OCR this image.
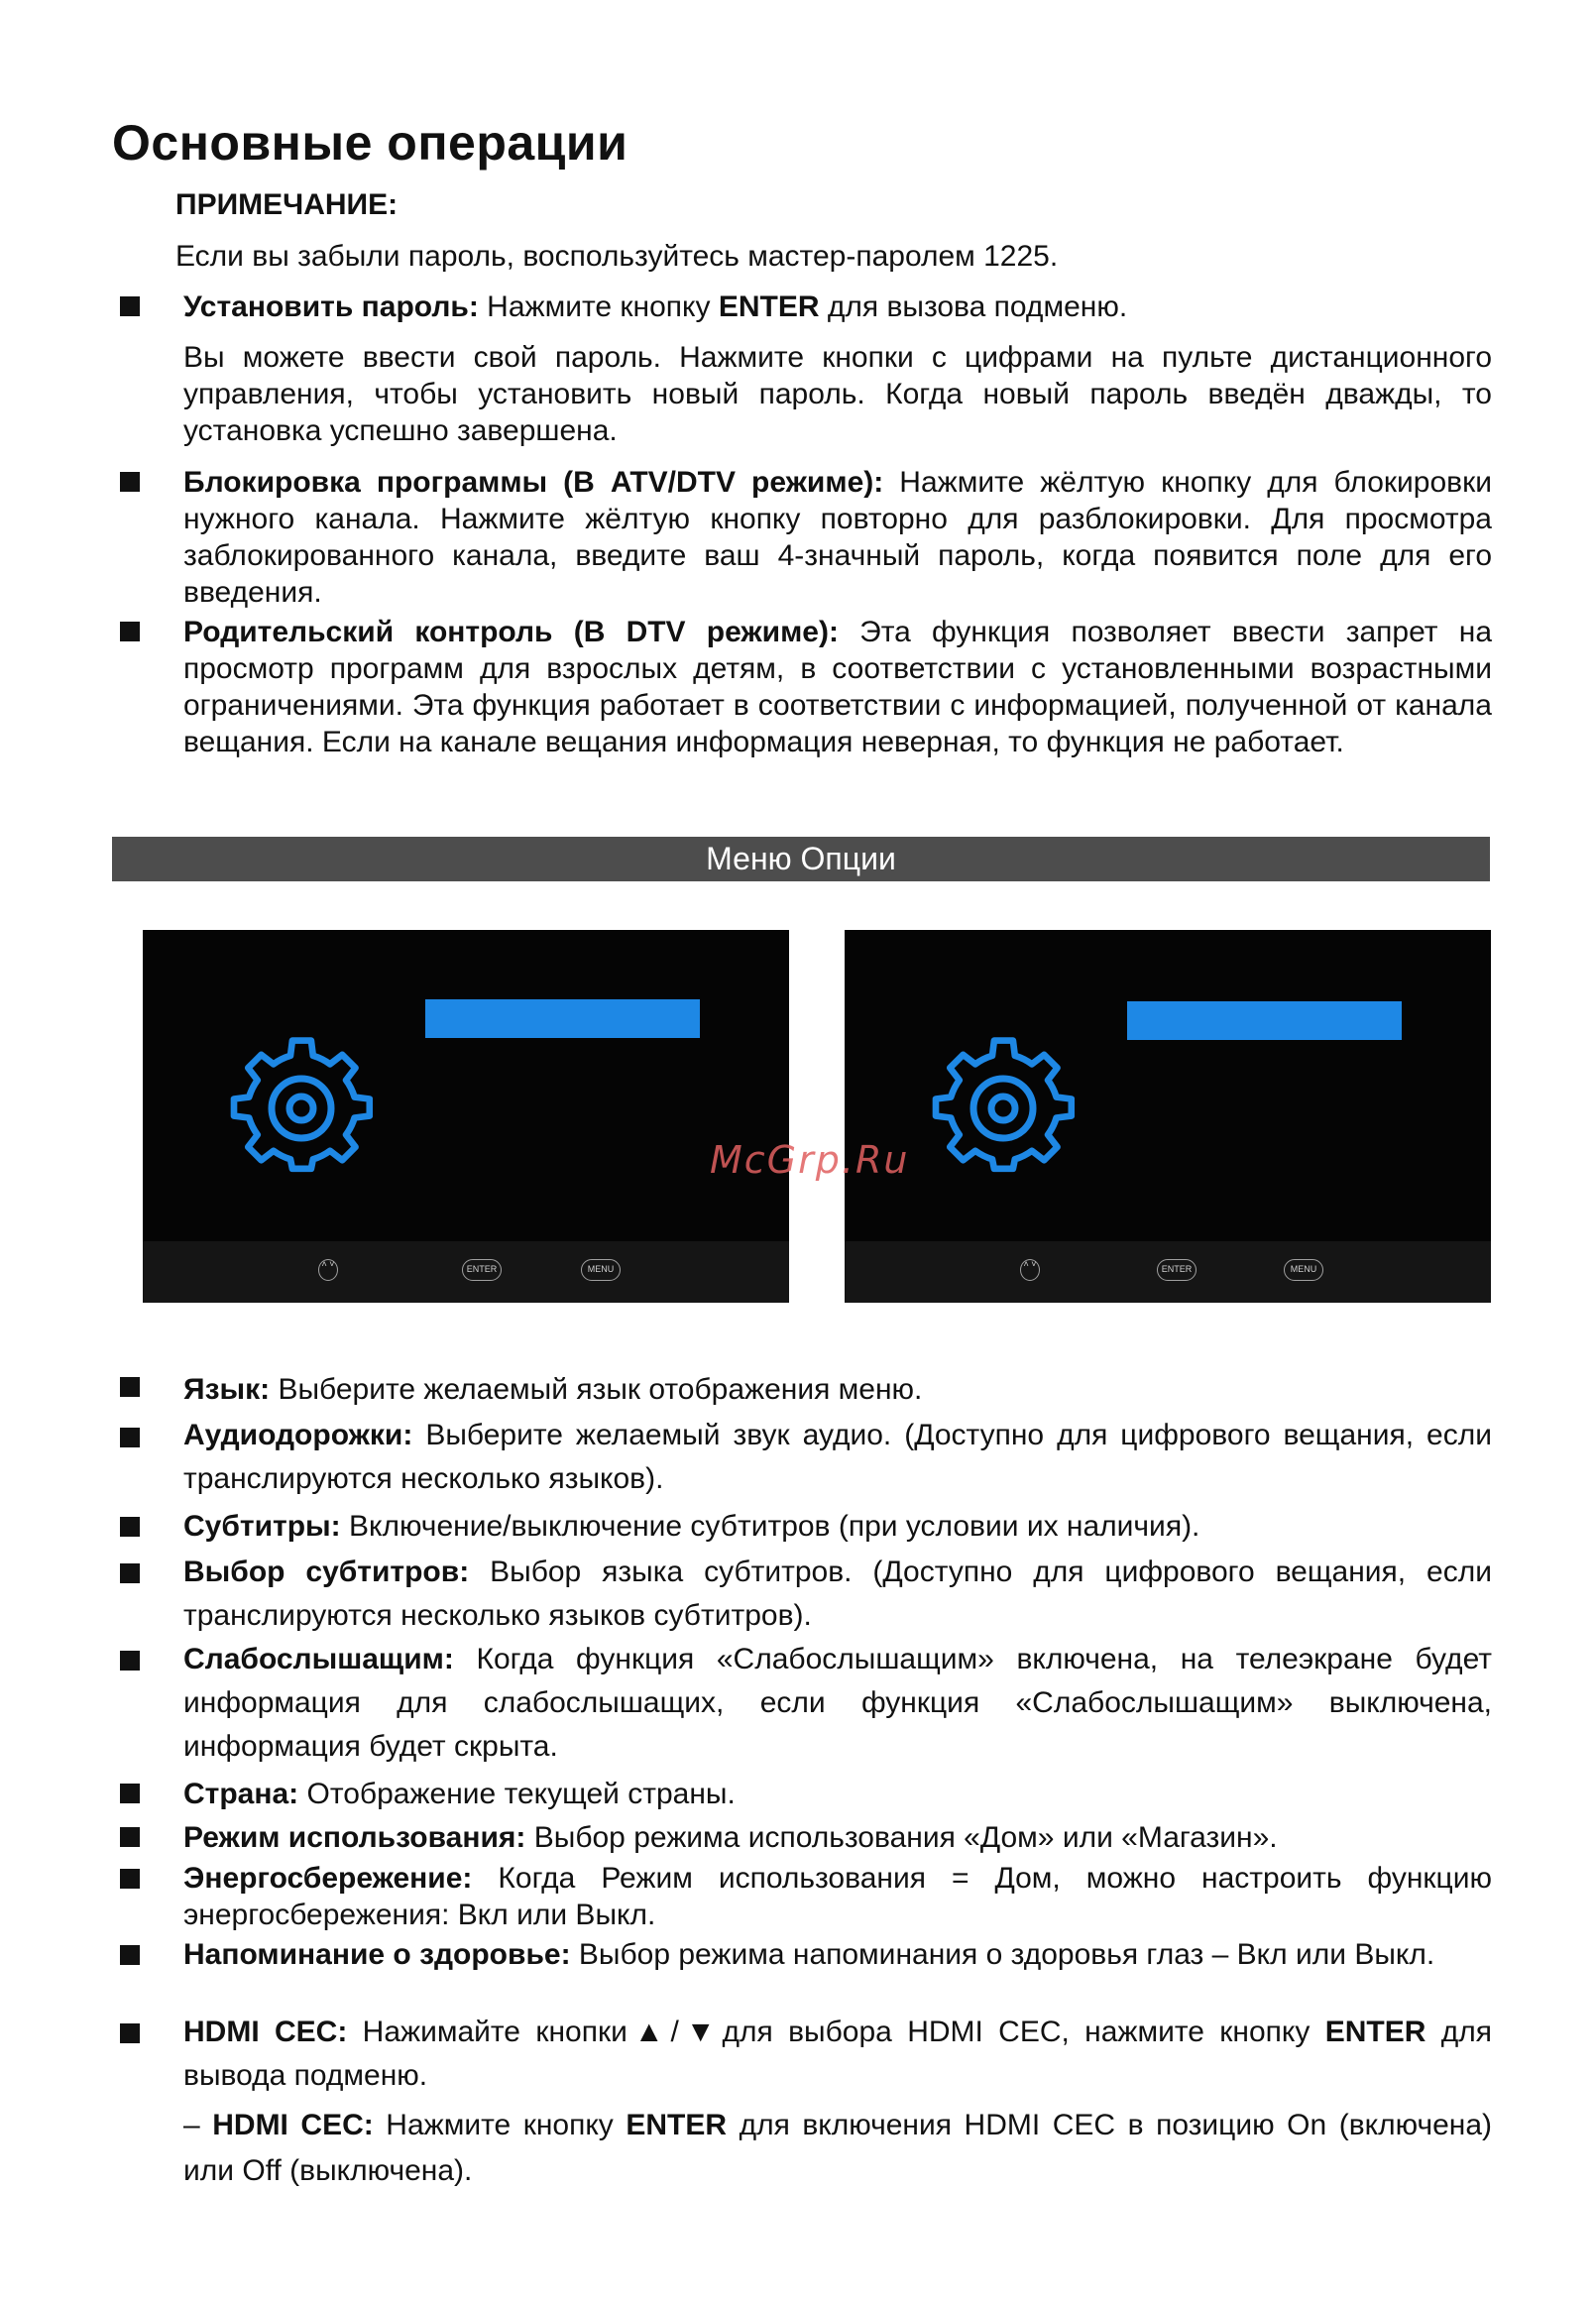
Основные операции
ПРИМЕЧАНИЕ:
Если вы забыли пароль, воспользуйтесь мастер-паролем 1225.
Установить пароль: Нажмите кнопку ENTER для вызова подменю.
Вы можете ввести свой пароль. Нажмите кнопки с цифрами на пульте дистанционного управления, чтобы установить новый пароль. Когда новый пароль введён дважды, то установка успешно завершена.
Блокировка программы (В ATV/DTV режиме): Нажмите жёлтую кнопку для блокировки нужного канала. Нажмите жёлтую кнопку повторно для разблокировки. Для просмотра заблокированного канала, введите ваш 4-значный пароль, когда появится поле для его введения.
Родительский контроль (В DTV режиме): Эта функция позволяет ввести запрет на просмотр программ для взрослых детям, в соответствии с установленными возрастными ограничениями. Эта функция работает в соответствии с информацией, полученной от канала вещания. Если на канале вещания информация неверная, то функция не работает.
Меню Опции
˄ ˅	ENTER	MENU	˄ ˅	ENTER	MENU
McGrp.Ru
Язык: Выберите желаемый язык отображения меню.
Аудиодорожки: Выберите желаемый звук аудио. (Доступно для цифрового вещания, если транслируются несколько языков).
Субтитры: Включение/выключение субтитров (при условии их наличия).
Выбор субтитров: Выбор языка субтитров. (Доступно для цифрового вещания, если транслируются несколько языков субтитров).
Слабослышащим: Когда функция «Слабослышащим» включена, на телеэкране будет информация для слабослышащих, если функция «Слабослышащим» выключена, информация будет скрыта.
Страна: Отображение текущей страны.
Режим использования: Выбор режима использования «Дом» или «Магазин».
Энергосбережение: Когда Режим использования = Дом, можно настроить функцию энергосбережения: Вкл или Выкл.
Напоминание о здоровье: Выбор режима напоминания о здоровья глаз – Вкл или Выкл.
HDMI CEC: Нажимайте кнопки▲/▼для выбора HDMI CEC, нажмите кнопку ENTER для вывода подменю.
– HDMI CEC: Нажмите кнопку ENTER для включения HDMI CEC в позицию On (включена) или Off (выключена).
